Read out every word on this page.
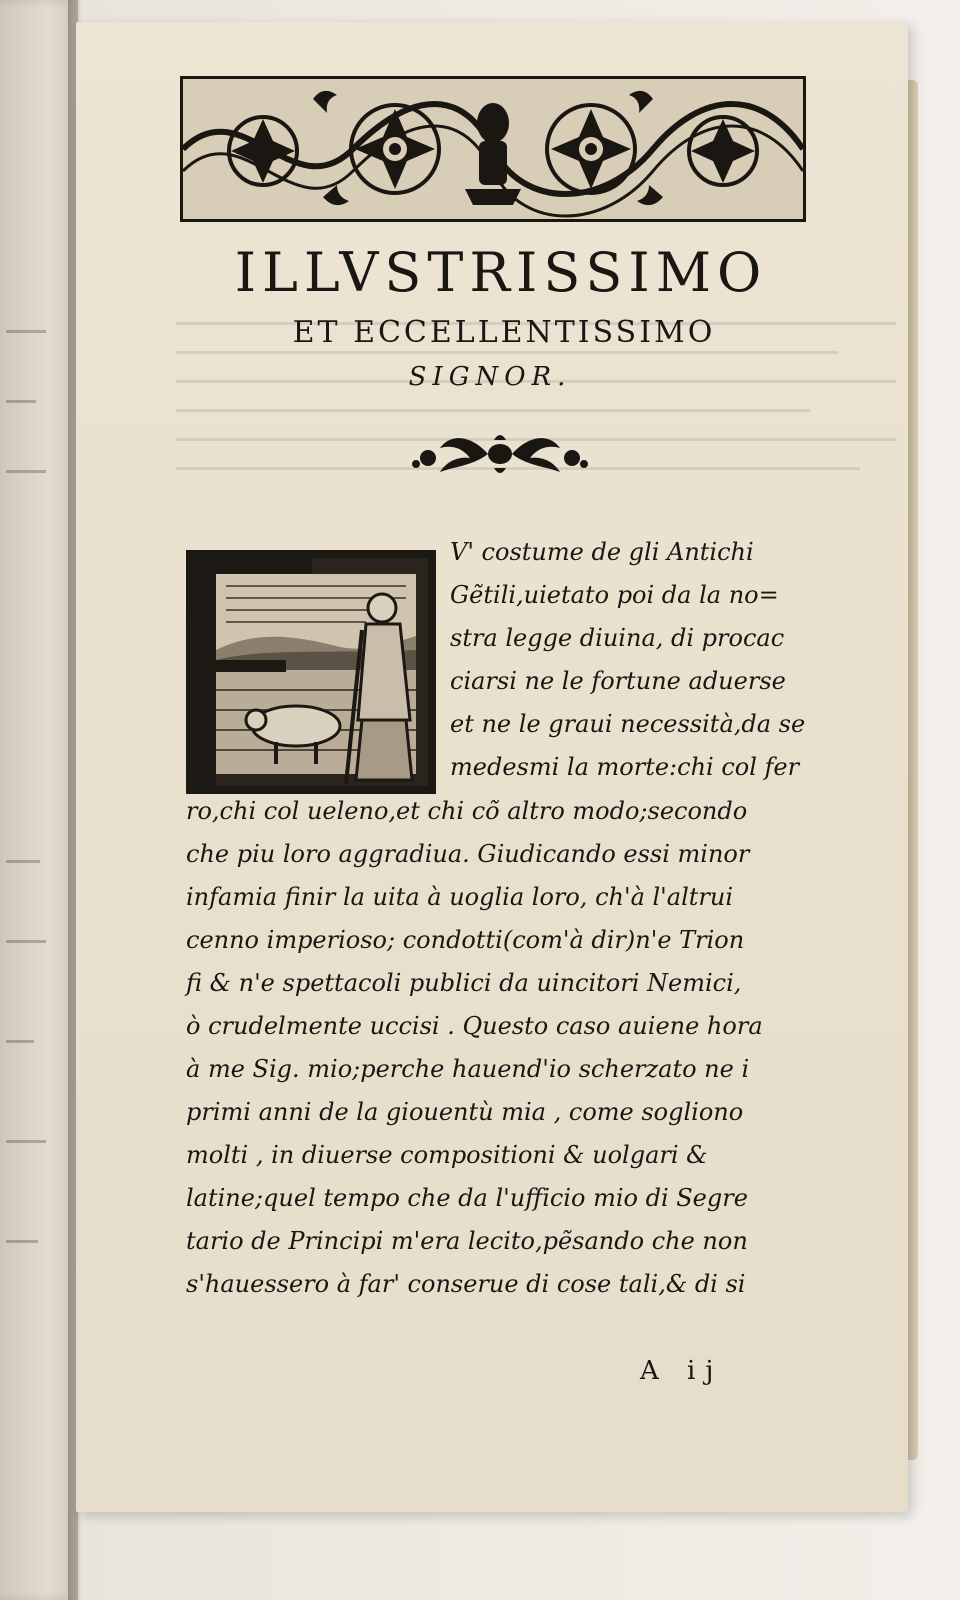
ILLVSTRISSIMO
ET ECCELLENTISSIMO
SIGNOR.
V' costume de gli Antichi
Gẽtili,uietato poi da la no=
stra legge diuina, di procac
ciarsi ne le fortune aduerse
et ne le graui necessità,da se
medesmi la morte:chi col fer
ro,chi col ueleno,et chi cõ altro modo;secondo
che piu loro aggradiua. Giudicando essi minor
infamia finir la uita à uoglia loro, ch'à l'altrui
cenno imperioso; condotti(com'à dir)n'e Trion
fi & n'e spettacoli publici da uincitori Nemici,
ò crudelmente uccisi . Questo caso auiene hora
à me Sig. mio;perche hauend'io scherzato ne i
primi anni de la giouentù mia , come sogliono
molti , in diuerse compositioni & uolgari &
latine;quel tempo che da l'ufficio mio di Segre
tario de Principi m'era lecito,pẽsando che non
s'hauessero à far' conserue di cose tali,& di si
A ij
